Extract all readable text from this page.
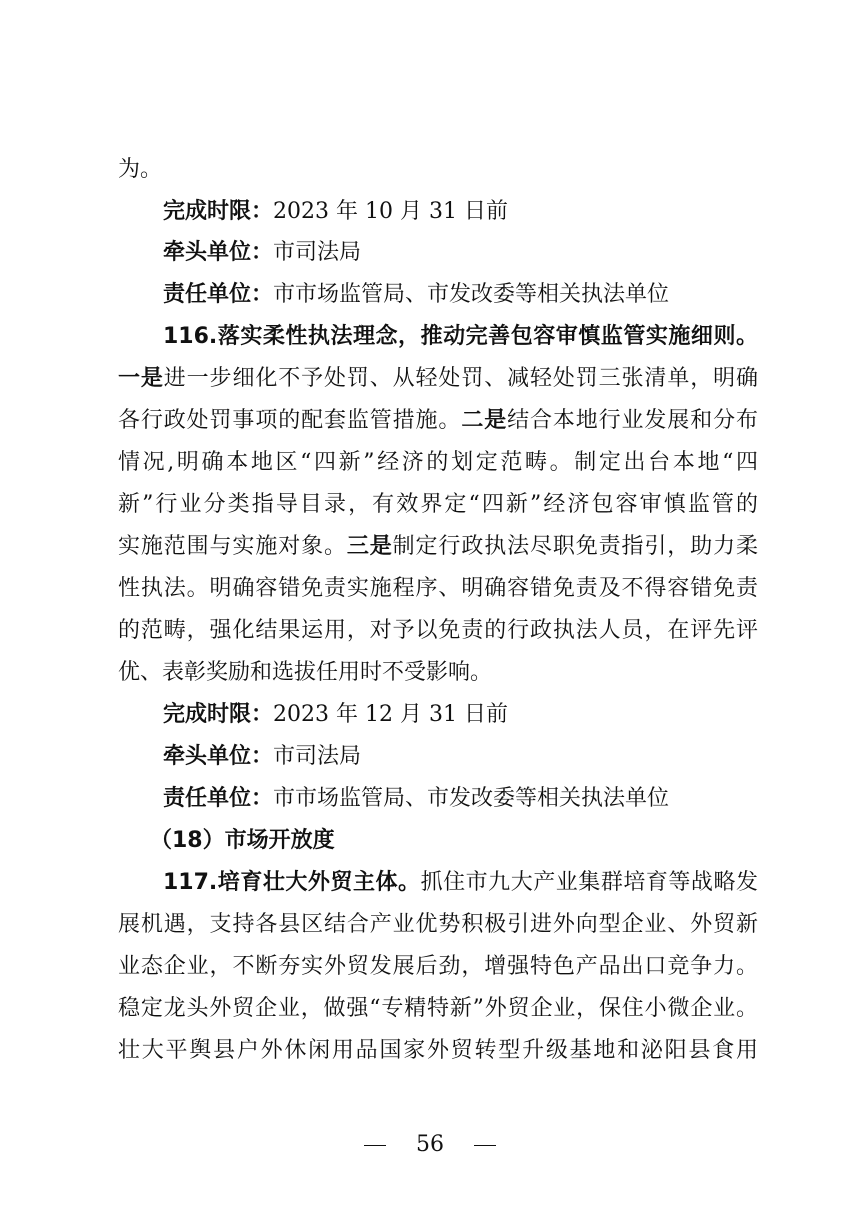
为。
完成时限：2023 年 10 月 31 日前
牵头单位：市司法局
责任单位：市市场监管局、市发改委等相关执法单位
116.落实柔性执法理念，推动完善包容审慎监管实施细则。
一是进一步细化不予处罚、从轻处罚、减轻处罚三张清单，明确
各行政处罚事项的配套监管措施。二是结合本地行业发展和分布
情况,明确本地区“四新”经济的划定范畴。制定出台本地“四
新”行业分类指导目录，有效界定“四新”经济包容审慎监管的
实施范围与实施对象。三是制定行政执法尽职免责指引，助力柔
性执法。明确容错免责实施程序、明确容错免责及不得容错免责
的范畴，强化结果运用，对予以免责的行政执法人员，在评先评
优、表彰奖励和选拔任用时不受影响。
完成时限：2023 年 12 月 31 日前
牵头单位：市司法局
责任单位：市市场监管局、市发改委等相关执法单位
（18）市场开放度
117.培育壮大外贸主体。抓住市九大产业集群培育等战略发
展机遇，支持各县区结合产业优势积极引进外向型企业、外贸新
业态企业，不断夯实外贸发展后劲，增强特色产品出口竞争力。
稳定龙头外贸企业，做强“专精特新”外贸企业，保住小微企业。
壮大平舆县户外休闲用品国家外贸转型升级基地和泌阳县食用
56
